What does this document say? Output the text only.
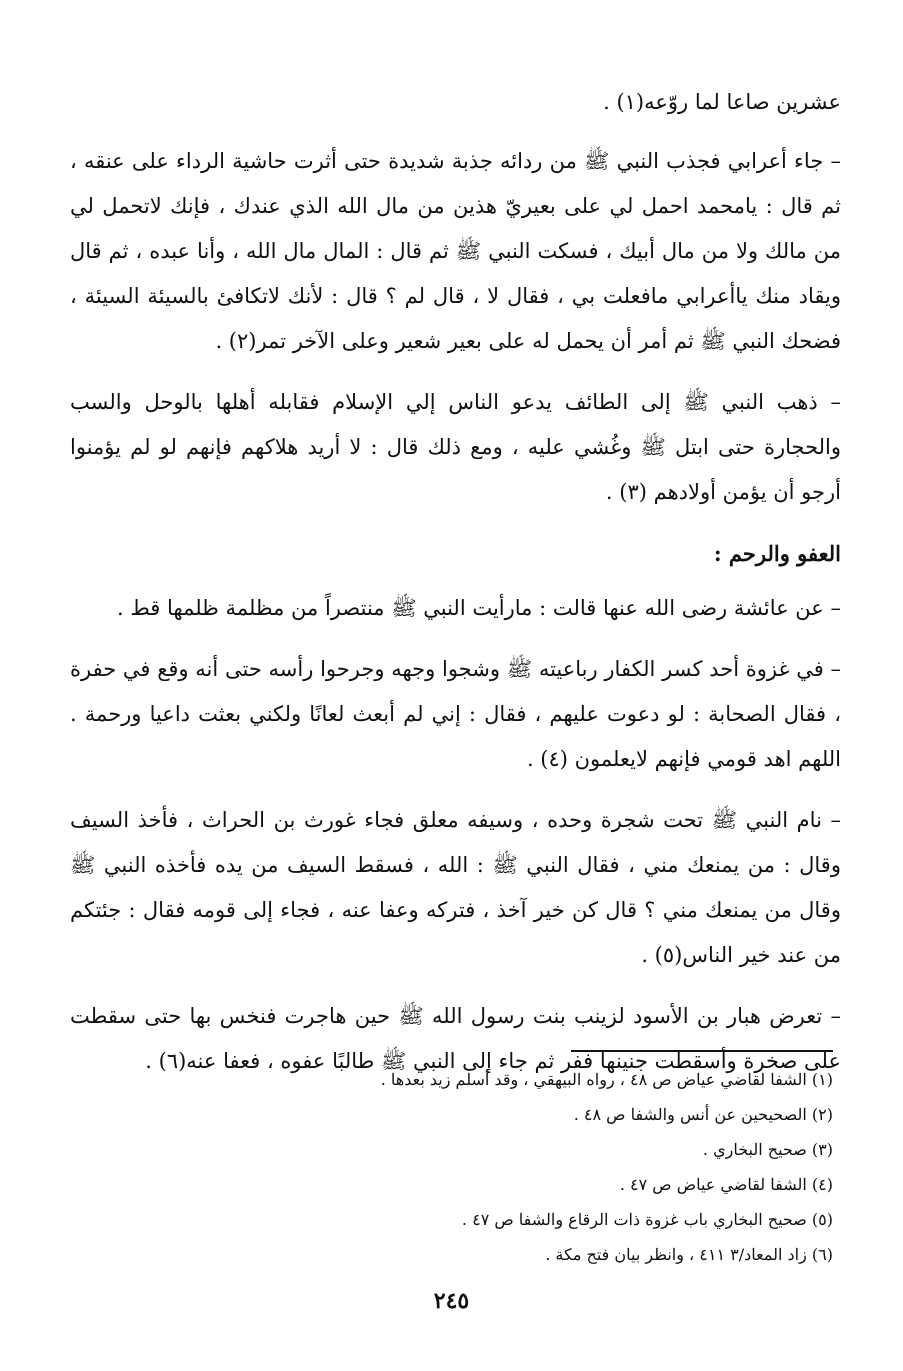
عشرين صاعا لما روّعه(١) .

– جاء أعرابي فجذب النبي ﷺ من ردائه جذبة شديدة حتى أثرت حاشية الرداء على عنقه ، ثم قال : يامحمد احمل لي على بعيريّ هذين من مال الله الذي عندك ، فإنك لاتحمل لي من مالك ولا من مال أبيك ، فسكت النبي ﷺ ثم قال : المال مال الله ، وأنا عبده ، ثم قال ويقاد منك ياأعرابي مافعلت بي ، فقال لا ، قال لم ؟ قال : لأنك لاتكافئ بالسيئة السيئة ، فضحك النبي ﷺ ثم أمر أن يحمل له على بعير شعير وعلى الآخر تمر(٢) .

– ذهب النبي ﷺ إلى الطائف يدعو الناس إلي الإسلام فقابله أهلها بالوحل والسب والحجارة حتى ابتل ﷺ وغُشي عليه ، ومع ذلك قال : لا أريد هلاكهم فإنهم لو لم يؤمنوا أرجو أن يؤمن أولادهم (٣) .

العفو والرحم :

– عن عائشة رضى الله عنها قالت : مارأيت النبي ﷺ منتصراً من مظلمة ظلمها قط .

– في غزوة أحد كسر الكفار رباعيته ﷺ وشجوا وجهه وجرحوا رأسه حتى أنه وقع في حفرة ، فقال الصحابة : لو دعوت عليهم ، فقال : إني لم أبعث لعانًا ولكني بعثت داعيا ورحمة . اللهم اهد قومي فإنهم لايعلمون (٤) .

– نام النبي ﷺ تحت شجرة وحده ، وسيفه معلق فجاء غورث بن الحراث ، فأخذ السيف وقال : من يمنعك مني ، فقال النبي ﷺ : الله ، فسقط السيف من يده فأخذه النبي ﷺ وقال من يمنعك مني ؟ قال كن خير آخذ ، فتركه وعفا عنه ، فجاء إلى قومه فقال : جئتكم من عند خير الناس(٥) .

– تعرض هبار بن الأسود لزينب بنت رسول الله ﷺ حين هاجرت فنخس بها حتى سقطت على صخرة وأسقطت جنينها ففر ثم جاء إلى النبي ﷺ طالبًا عفوه ، فعفا عنه(٦) .

(١) الشفا لقاضي عياض ص ٤٨ ، رواه البيهقي ، وقد أسلم زيد بعدها .
(٢) الصحيحين عن أنس والشفا ص ٤٨ .
(٣) صحيح البخاري .
(٤) الشفا لقاضي عياض ص ٤٧ .
(٥) صحيح البخاري باب غزوة ذات الرقاع والشفا ص ٤٧ .
(٦) زاد المعاد/٣ ٤١١ ، وانظر بيان فتح مكة .
٢٤٥
